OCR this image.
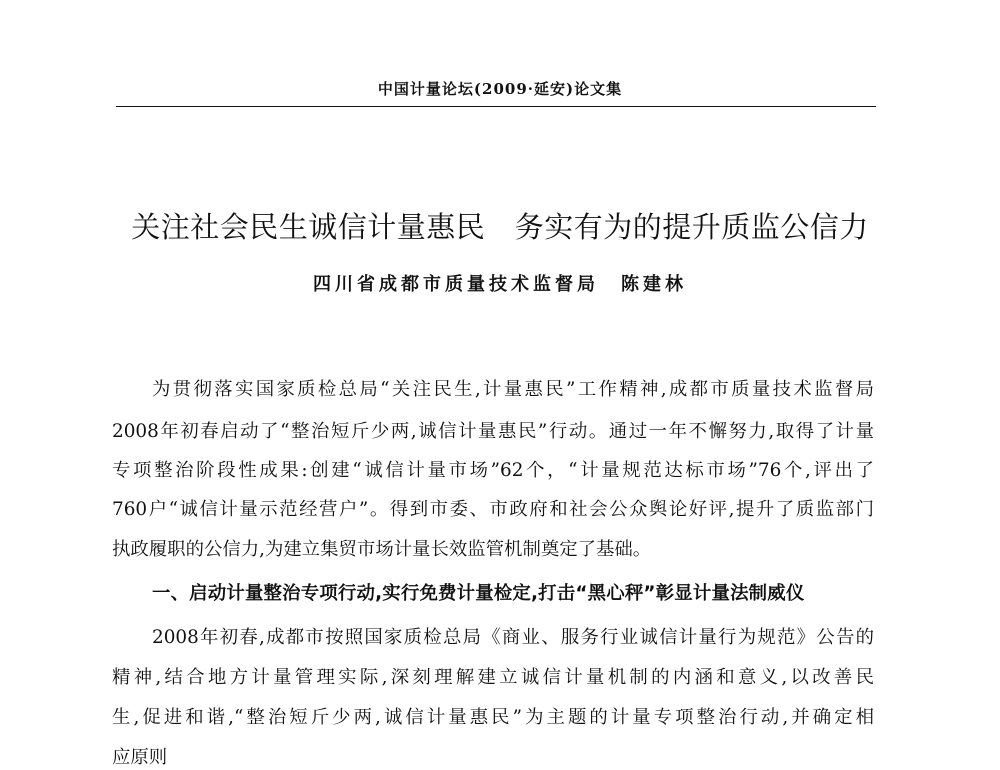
中国计量论坛(2009·延安)论文集
关注社会民生诚信计量惠民　务实有为的提升质监公信力
四川省成都市质量技术监督局　陈建林
为贯彻落实国家质检总局“关注民生,计量惠民”工作精神,成都市质量技术监督局
2008年初春启动了“整治短斤少两,诚信计量惠民”行动。通过一年不懈努力,取得了计量
专项整治阶段性成果:创建“诚信计量市场”62个，“计量规范达标市场”76个,评出了
760户“诚信计量示范经营户”。得到市委、市政府和社会公众舆论好评,提升了质监部门
执政履职的公信力,为建立集贸市场计量长效监管机制奠定了基础。
一、启动计量整治专项行动,实行免费计量检定,打击“黑心秤”彰显计量法制威仪
2008年初春,成都市按照国家质检总局《商业、服务行业诚信计量行为规范》公告的
精神,结合地方计量管理实际,深刻理解建立诚信计量机制的内涵和意义,以改善民
生,促进和谐,“整治短斤少两,诚信计量惠民”为主题的计量专项整治行动,并确定相
应原则
